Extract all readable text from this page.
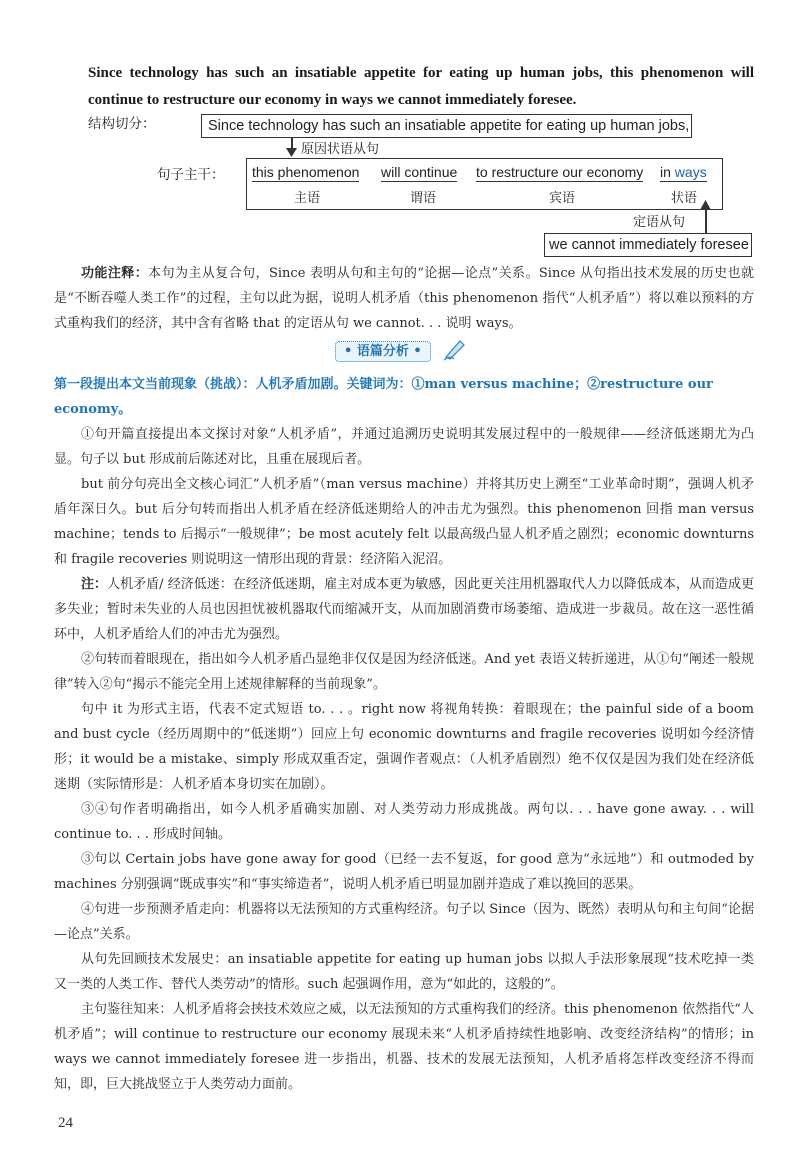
Since technology has such an insatiable appetite for eating up human jobs, this phenomenon will continue to restructure our economy in ways we cannot immediately foresee.
结构切分：	Since technology has such an insatiable appetite for eating up human jobs,
原因状语从句
句子主干： this phenomenon
主语
will continue
谓语
to restructure our economy
宾语
in ways
状语
定语从句
we cannot immediately foresee

功能注释：本句为主从复合句，Since 表明从句和主句的“论据—论点”关系。Since 从句指出技术发展的历史也就是“不断吞噬人类工作”的过程，主句以此为据，说明人机矛盾（this phenomenon 指代“人机矛盾”）将以难以预料的方式重构我们的经济，其中含有省略 that 的定语从句 we cannot. . . 说明 ways。

• 语篇分析 •
第一段提出本文当前现象（挑战）：人机矛盾加剧。关键词为：①man versus machine；②restructure our economy。

①句开篇直接提出本文探讨对象“人机矛盾”，并通过追溯历史说明其发展过程中的一般规律——经济低迷期尤为凸显。句子以 but 形成前后陈述对比，且重在展现后者。

but 前分句亮出全文核心词汇“人机矛盾”（man versus machine）并将其历史上溯至“工业革命时期”，强调人机矛盾年深日久。but 后分句转而指出人机矛盾在经济低迷期给人的冲击尤为强烈。this phenomenon 回指 man versus machine；tends to 后揭示“一般规律”；be most acutely felt 以最高级凸显人机矛盾之剧烈；economic downturns 和 fragile recoveries 则说明这一情形出现的背景：经济陷入泥沼。

注：人机矛盾/ 经济低迷：在经济低迷期，雇主对成本更为敏感，因此更关注用机器取代人力以降低成本，从而造成更多失业；暂时未失业的人员也因担忧被机器取代而缩减开支，从而加剧消费市场萎缩、造成进一步裁员。故在这一恶性循环中，人机矛盾给人们的冲击尤为强烈。

②句转而着眼现在，指出如今人机矛盾凸显绝非仅仅是因为经济低迷。And yet 表语义转折递进，从①句“阐述一般规律”转入②句“揭示不能完全用上述规律解释的当前现象”。

句中 it 为形式主语，代表不定式短语 to. . . 。right now 将视角转换：着眼现在；the painful side of a boom and bust cycle（经历周期中的“低迷期”）回应上句 economic downturns and fragile recoveries 说明如今经济情形；it would be a mistake、simply 形成双重否定，强调作者观点：（人机矛盾剧烈）绝不仅仅是因为我们处在经济低迷期（实际情形是：人机矛盾本身切实在加剧）。

③④句作者明确指出，如今人机矛盾确实加剧、对人类劳动力形成挑战。两句以. . . have gone away. . . will continue to. . . 形成时间轴。

③句以 Certain jobs have gone away for good（已经一去不复返，for good 意为“永远地”）和 outmoded by machines 分别强调“既成事实”和“事实缔造者”，说明人机矛盾已明显加剧并造成了难以挽回的恶果。

④句进一步预测矛盾走向：机器将以无法预知的方式重构经济。句子以 Since（因为、既然）表明从句和主句间“论据—论点”关系。

从句先回顾技术发展史：an insatiable appetite for eating up human jobs 以拟人手法形象展现“技术吃掉一类又一类的人类工作、替代人类劳动”的情形。such 起强调作用，意为“如此的，这般的”。

主句鉴往知来：人机矛盾将会挟技术效应之威，以无法预知的方式重构我们的经济。this phenomenon 依然指代“人机矛盾”；will continue to restructure our economy 展现未来“人机矛盾持续性地影响、改变经济结构”的情形；in ways we cannot immediately foresee 进一步指出，机器、技术的发展无法预知，人机矛盾将怎样改变经济不得而知，即，巨大挑战竖立于人类劳动力面前。

24
